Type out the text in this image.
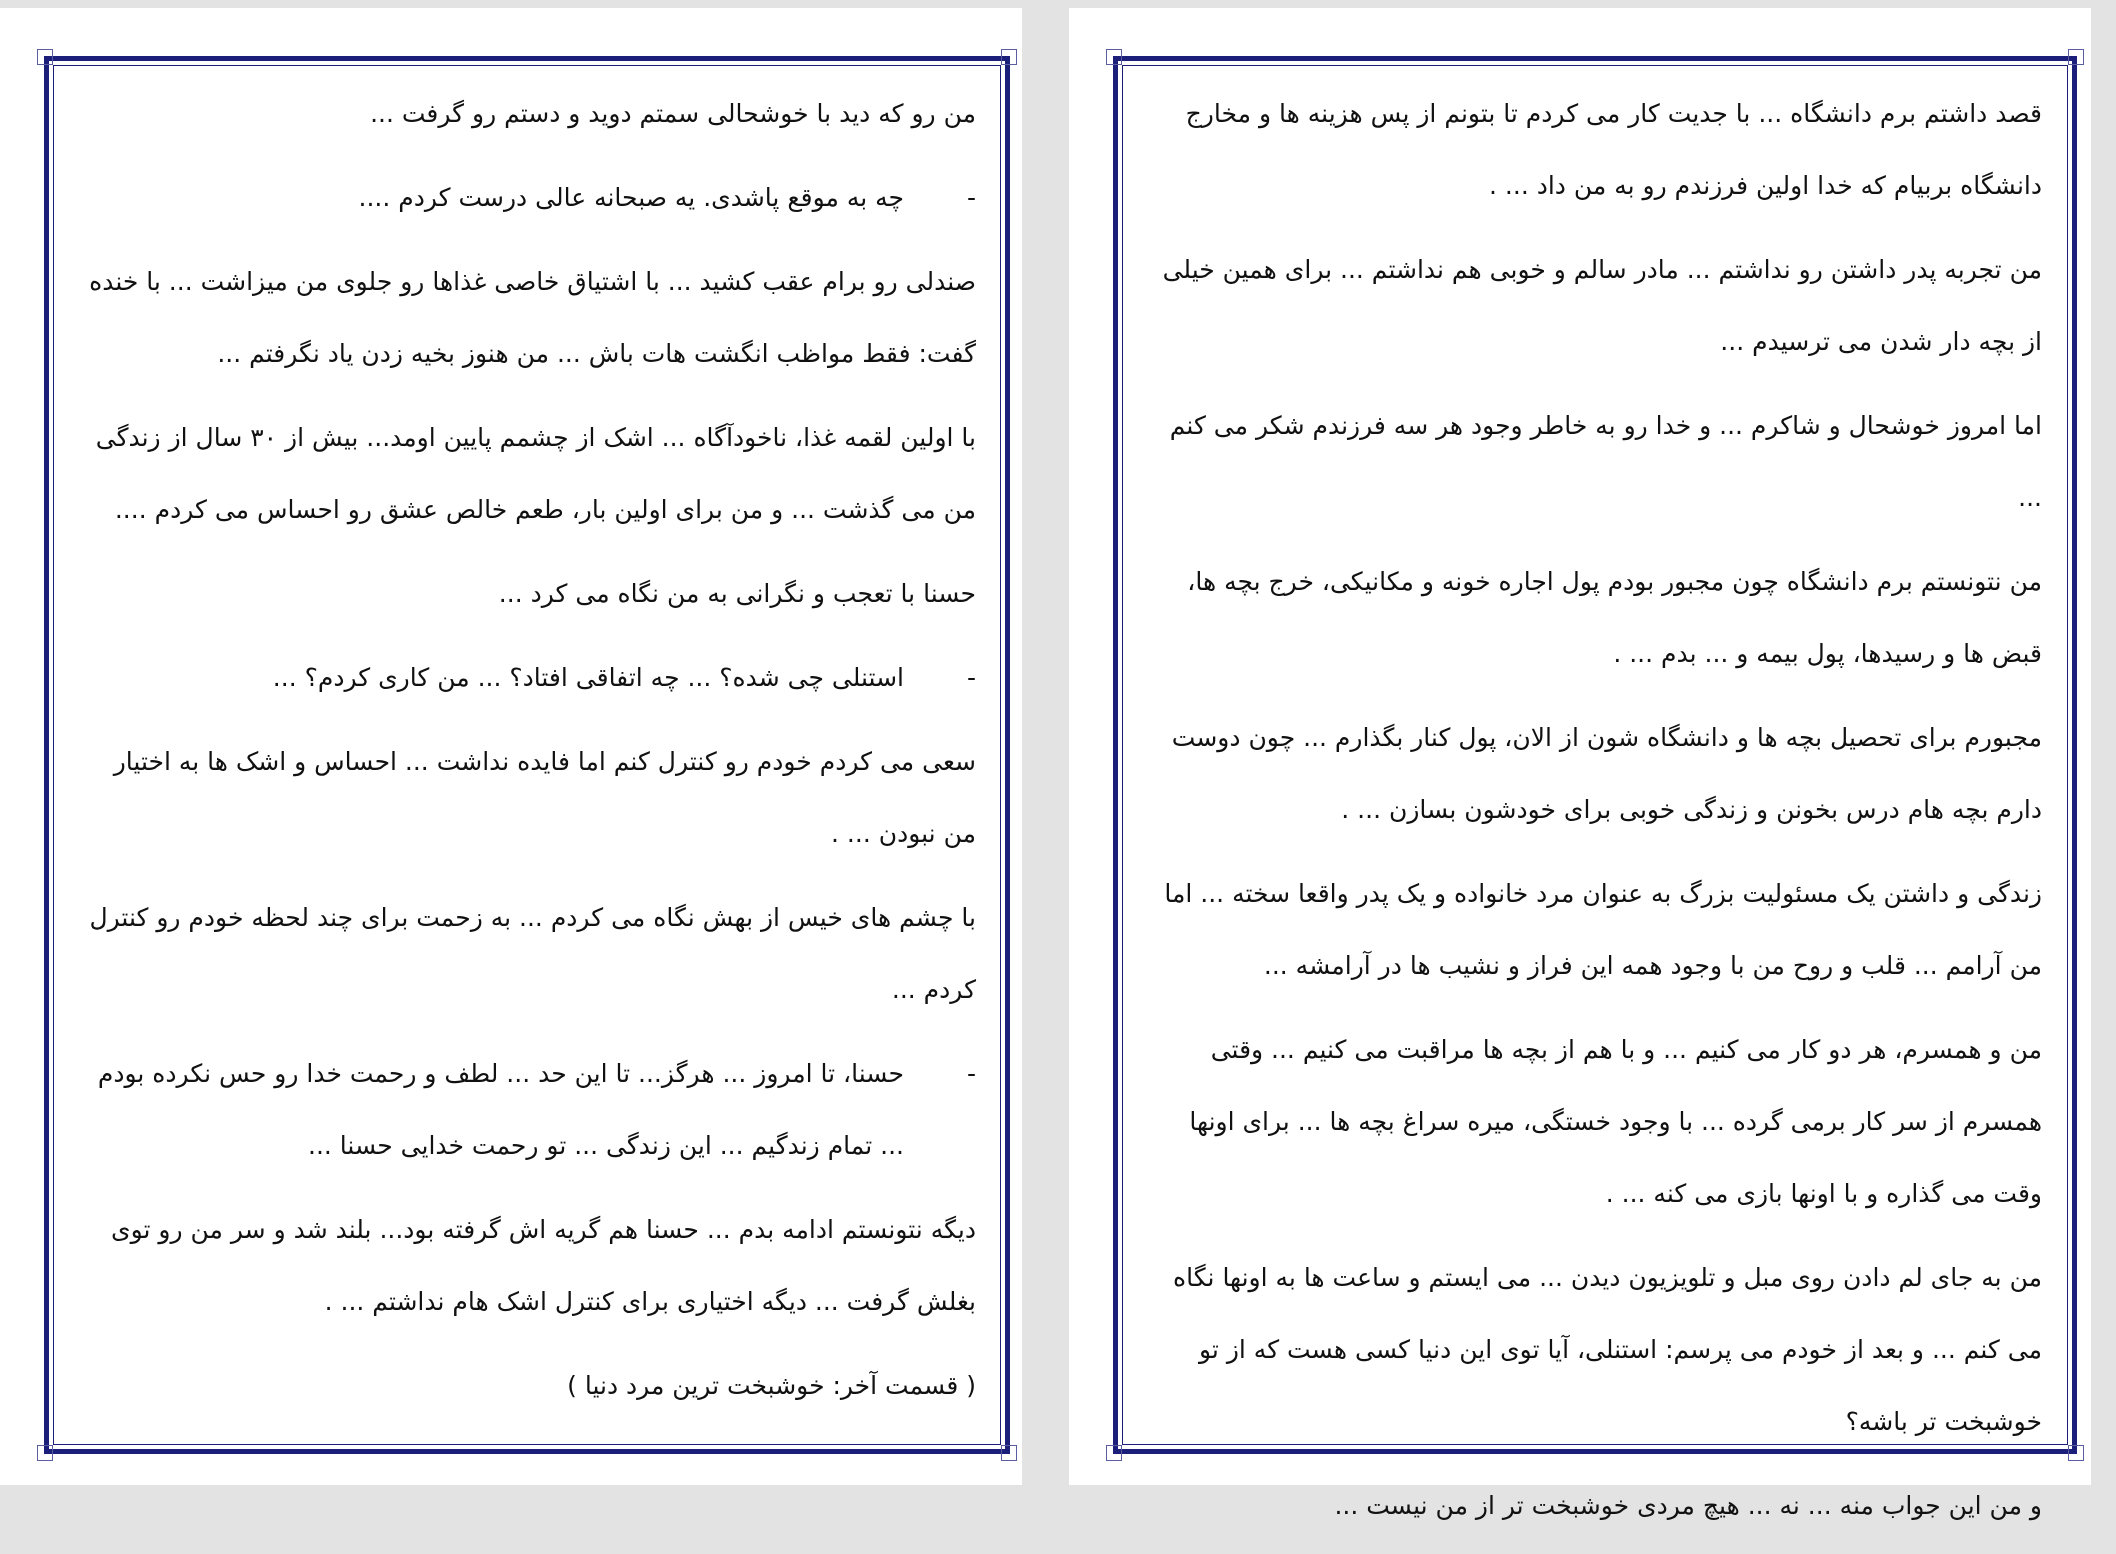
من رو که دید با خوشحالی سمتم دوید و دستم رو گرفت ...

- چه به موقع پاشدی. یه صبحانه عالی درست کردم ....

صندلی رو برام عقب کشید ... با اشتیاق خاصی غذاها رو جلوی من میزاشت ... با خنده گفت: فقط مواظب انگشت هات باش ... من هنوز بخیه زدن یاد نگرفتم ...

با اولین لقمه غذا، ناخودآگاه ... اشک از چشمم پایین اومد... بیش از ۳۰ سال از زندگی من می گذشت ... و من برای اولین بار، طعم خالص عشق رو احساس می کردم ....

حسنا با تعجب و نگرانی به من نگاه می کرد ...

- استنلی چی شده؟ ... چه اتفاقی افتاد؟ ... من کاری کردم؟ ...

سعی می کردم خودم رو کنترل کنم اما فایده نداشت ... احساس و اشک ها به اختیار من نبودن ... .

با چشم های خیس از بهش نگاه می کردم ... به زحمت برای چند لحظه خودم رو کنترل کردم ...

- حسنا، تا امروز ... هرگز... تا این حد ... لطف و رحمت خدا رو حس نکرده بودم ... تمام زندگیم ... این زندگی ... تو رحمت خدایی حسنا ...

دیگه نتونستم ادامه بدم ... حسنا هم گریه اش گرفته بود... بلند شد و سر من رو توی بغلش گرفت ... دیگه اختیاری برای کنترل اشک هام نداشتم ... .

( قسمت آخر: خوشبخت ترین مرد دنیا )

قصد داشتم برم دانشگاه ... با جدیت کار می کردم تا بتونم از پس هزینه ها و مخارج دانشگاه بربیام که خدا اولین فرزندم رو به من داد ... .

من تجربه پدر داشتن رو نداشتم ... مادر سالم و خوبی هم نداشتم ... برای همین خیلی از بچه دار شدن می ترسیدم ...

اما امروز خوشحال و شاکرم ... و خدا رو به خاطر وجود هر سه فرزندم شکر می کنم ...

من نتونستم برم دانشگاه چون مجبور بودم پول اجاره خونه و مکانیکی، خرج بچه ها، قبض ها و رسیدها، پول بیمه و ... بدم ... .

مجبورم برای تحصیل بچه ها و دانشگاه شون از الان، پول کنار بگذارم ... چون دوست دارم بچه هام درس بخونن و زندگی خوبی برای خودشون بسازن ... .

زندگی و داشتن یک مسئولیت بزرگ به عنوان مرد خانواده و یک پدر واقعا سخته ... اما من آرامم ... قلب و روح من با وجود همه این فراز و نشیب ها در آرامشه ...

من و همسرم، هر دو کار می کنیم ... و با هم از بچه ها مراقبت می کنیم ... وقتی همسرم از سر کار برمی گرده ... با وجود خستگی، میره سراغ بچه ها ... برای اونها وقت می گذاره و با اونها بازی می کنه ... .

من به جای لم دادن روی مبل و تلویزیون دیدن ... می ایستم و ساعت ها به اونها نگاه می کنم ... و بعد از خودم می پرسم: استنلی، آیا توی این دنیا کسی هست که از تو خوشبخت تر باشه؟

و من این جواب منه ... نه ... هیچ مردی خوشبخت تر از من نیست ...
